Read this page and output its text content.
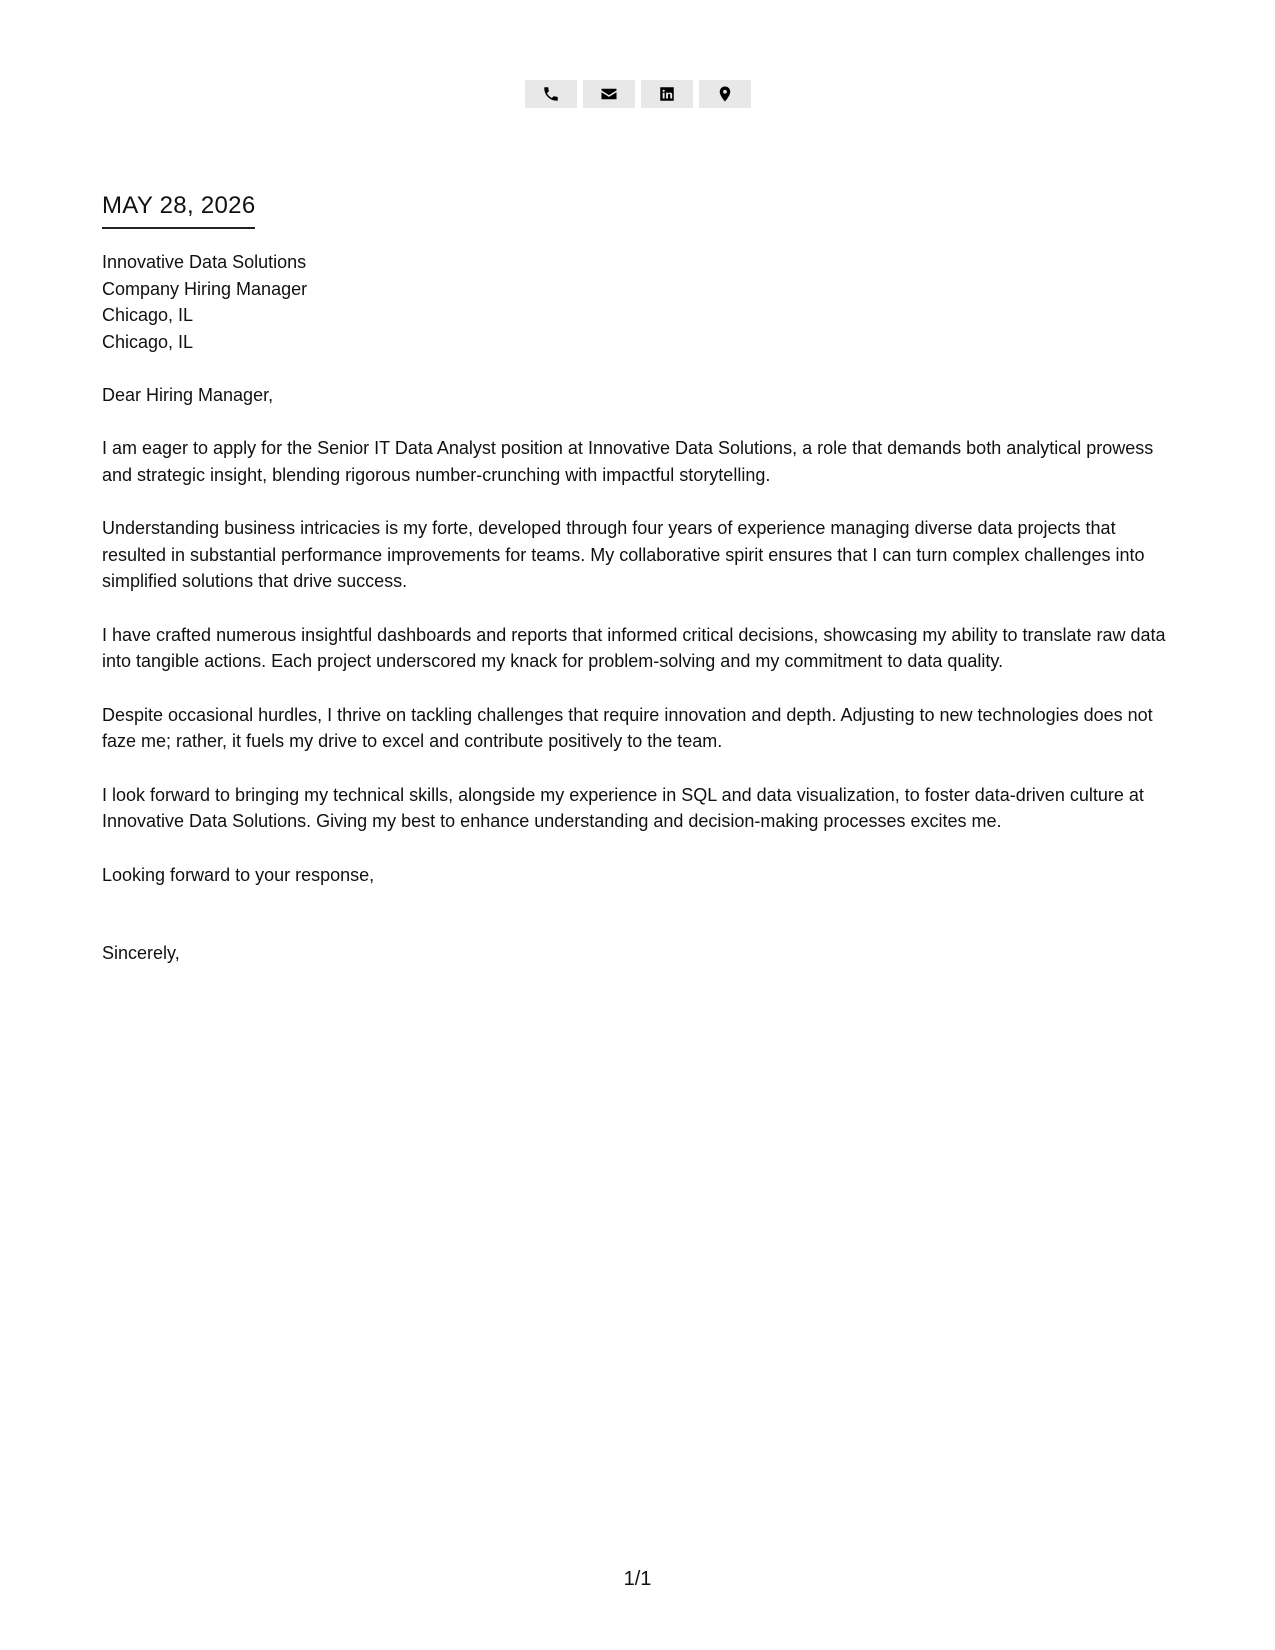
MAY 28, 2026
Innovative Data Solutions
Company Hiring Manager
Chicago, IL
Chicago, IL
Dear Hiring Manager,

I am eager to apply for the Senior IT Data Analyst position at Innovative Data Solutions, a role that demands both analytical prowess and strategic insight, blending rigorous number-crunching with impactful storytelling.

Understanding business intricacies is my forte, developed through four years of experience managing diverse data projects that resulted in substantial performance improvements for teams. My collaborative spirit ensures that I can turn complex challenges into simplified solutions that drive success.

I have crafted numerous insightful dashboards and reports that informed critical decisions, showcasing my ability to translate raw data into tangible actions. Each project underscored my knack for problem-solving and my commitment to data quality.

Despite occasional hurdles, I thrive on tackling challenges that require innovation and depth. Adjusting to new technologies does not faze me; rather, it fuels my drive to excel and contribute positively to the team.

I look forward to bringing my technical skills, alongside my experience in SQL and data visualization, to foster data-driven culture at Innovative Data Solutions. Giving my best to enhance understanding and decision-making processes excites me.

Looking forward to your response,
Sincerely,
1/1
